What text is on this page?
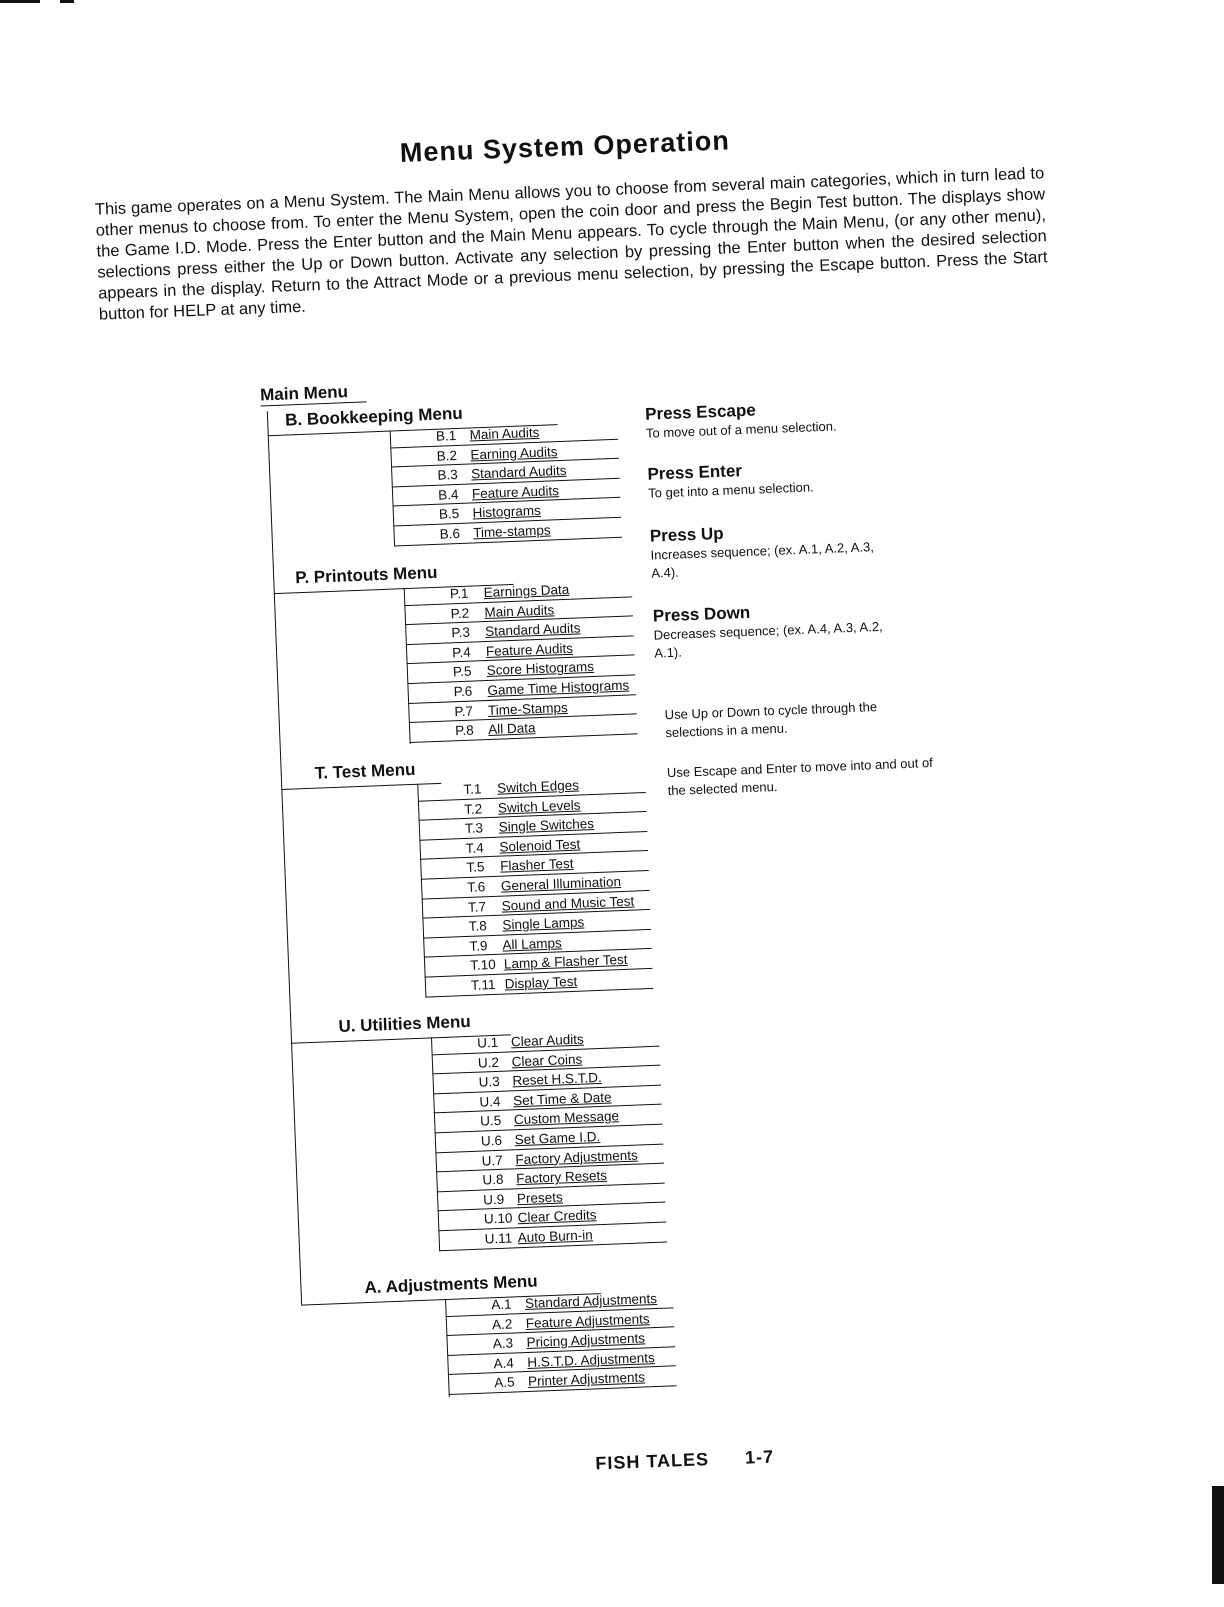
Menu System Operation
This game operates on a Menu System. The Main Menu allows you to choose from several main categories, which in turn lead to other menus to choose from. To enter the Menu System, open the coin door and press the Begin Test button. The displays show the Game I.D. Mode. Press the Enter button and the Main Menu appears. To cycle through the Main Menu, (or any other menu), selections press either the Up or Down button. Activate any selection by pressing the Enter button when the desired selection appears in the display. Return to the Attract Mode or a previous menu selection, by pressing the Escape button. Press the Start button for HELP at any time.
Main Menu
B. Bookkeeping Menu
B.1 Main Audits
B.2 Earning Audits
B.3 Standard Audits
B.4 Feature Audits
B.5 Histograms
B.6 Time-stamps
P. Printouts Menu
P.1 Earnings Data
P.2 Main Audits
P.3 Standard Audits
P.4 Feature Audits
P.5 Score Histograms
P.6 Game Time Histograms
P.7 Time-Stamps
P.8 All Data
T. Test Menu
T.1 Switch Edges
T.2 Switch Levels
T.3 Single Switches
T.4 Solenoid Test
T.5 Flasher Test
T.6 General Illumination
T.7 Sound and Music Test
T.8 Single Lamps
T.9 All Lamps
T.10 Lamp & Flasher Test
T.11 Display Test
U. Utilities Menu
U.1 Clear Audits
U.2 Clear Coins
U.3 Reset H.S.T.D.
U.4 Set Time & Date
U.5 Custom Message
U.6 Set Game I.D.
U.7 Factory Adjustments
U.8 Factory Resets
U.9 Presets
U.10 Clear Credits
U.11 Auto Burn-in
A. Adjustments Menu
A.1 Standard Adjustments
A.2 Feature Adjustments
A.3 Pricing Adjustments
A.4 H.S.T.D. Adjustments
A.5 Printer Adjustments
Press Escape
To move out of a menu selection.
Press Enter
To get into a menu selection.
Press Up
Increases sequence; (ex. A.1, A.2, A.3, A.4).
Press Down
Decreases sequence; (ex. A.4, A.3, A.2, A.1).
Use Up or Down to cycle through the selections in a menu.
Use Escape and Enter to move into and out of the selected menu.
FISH TALES 1-7
